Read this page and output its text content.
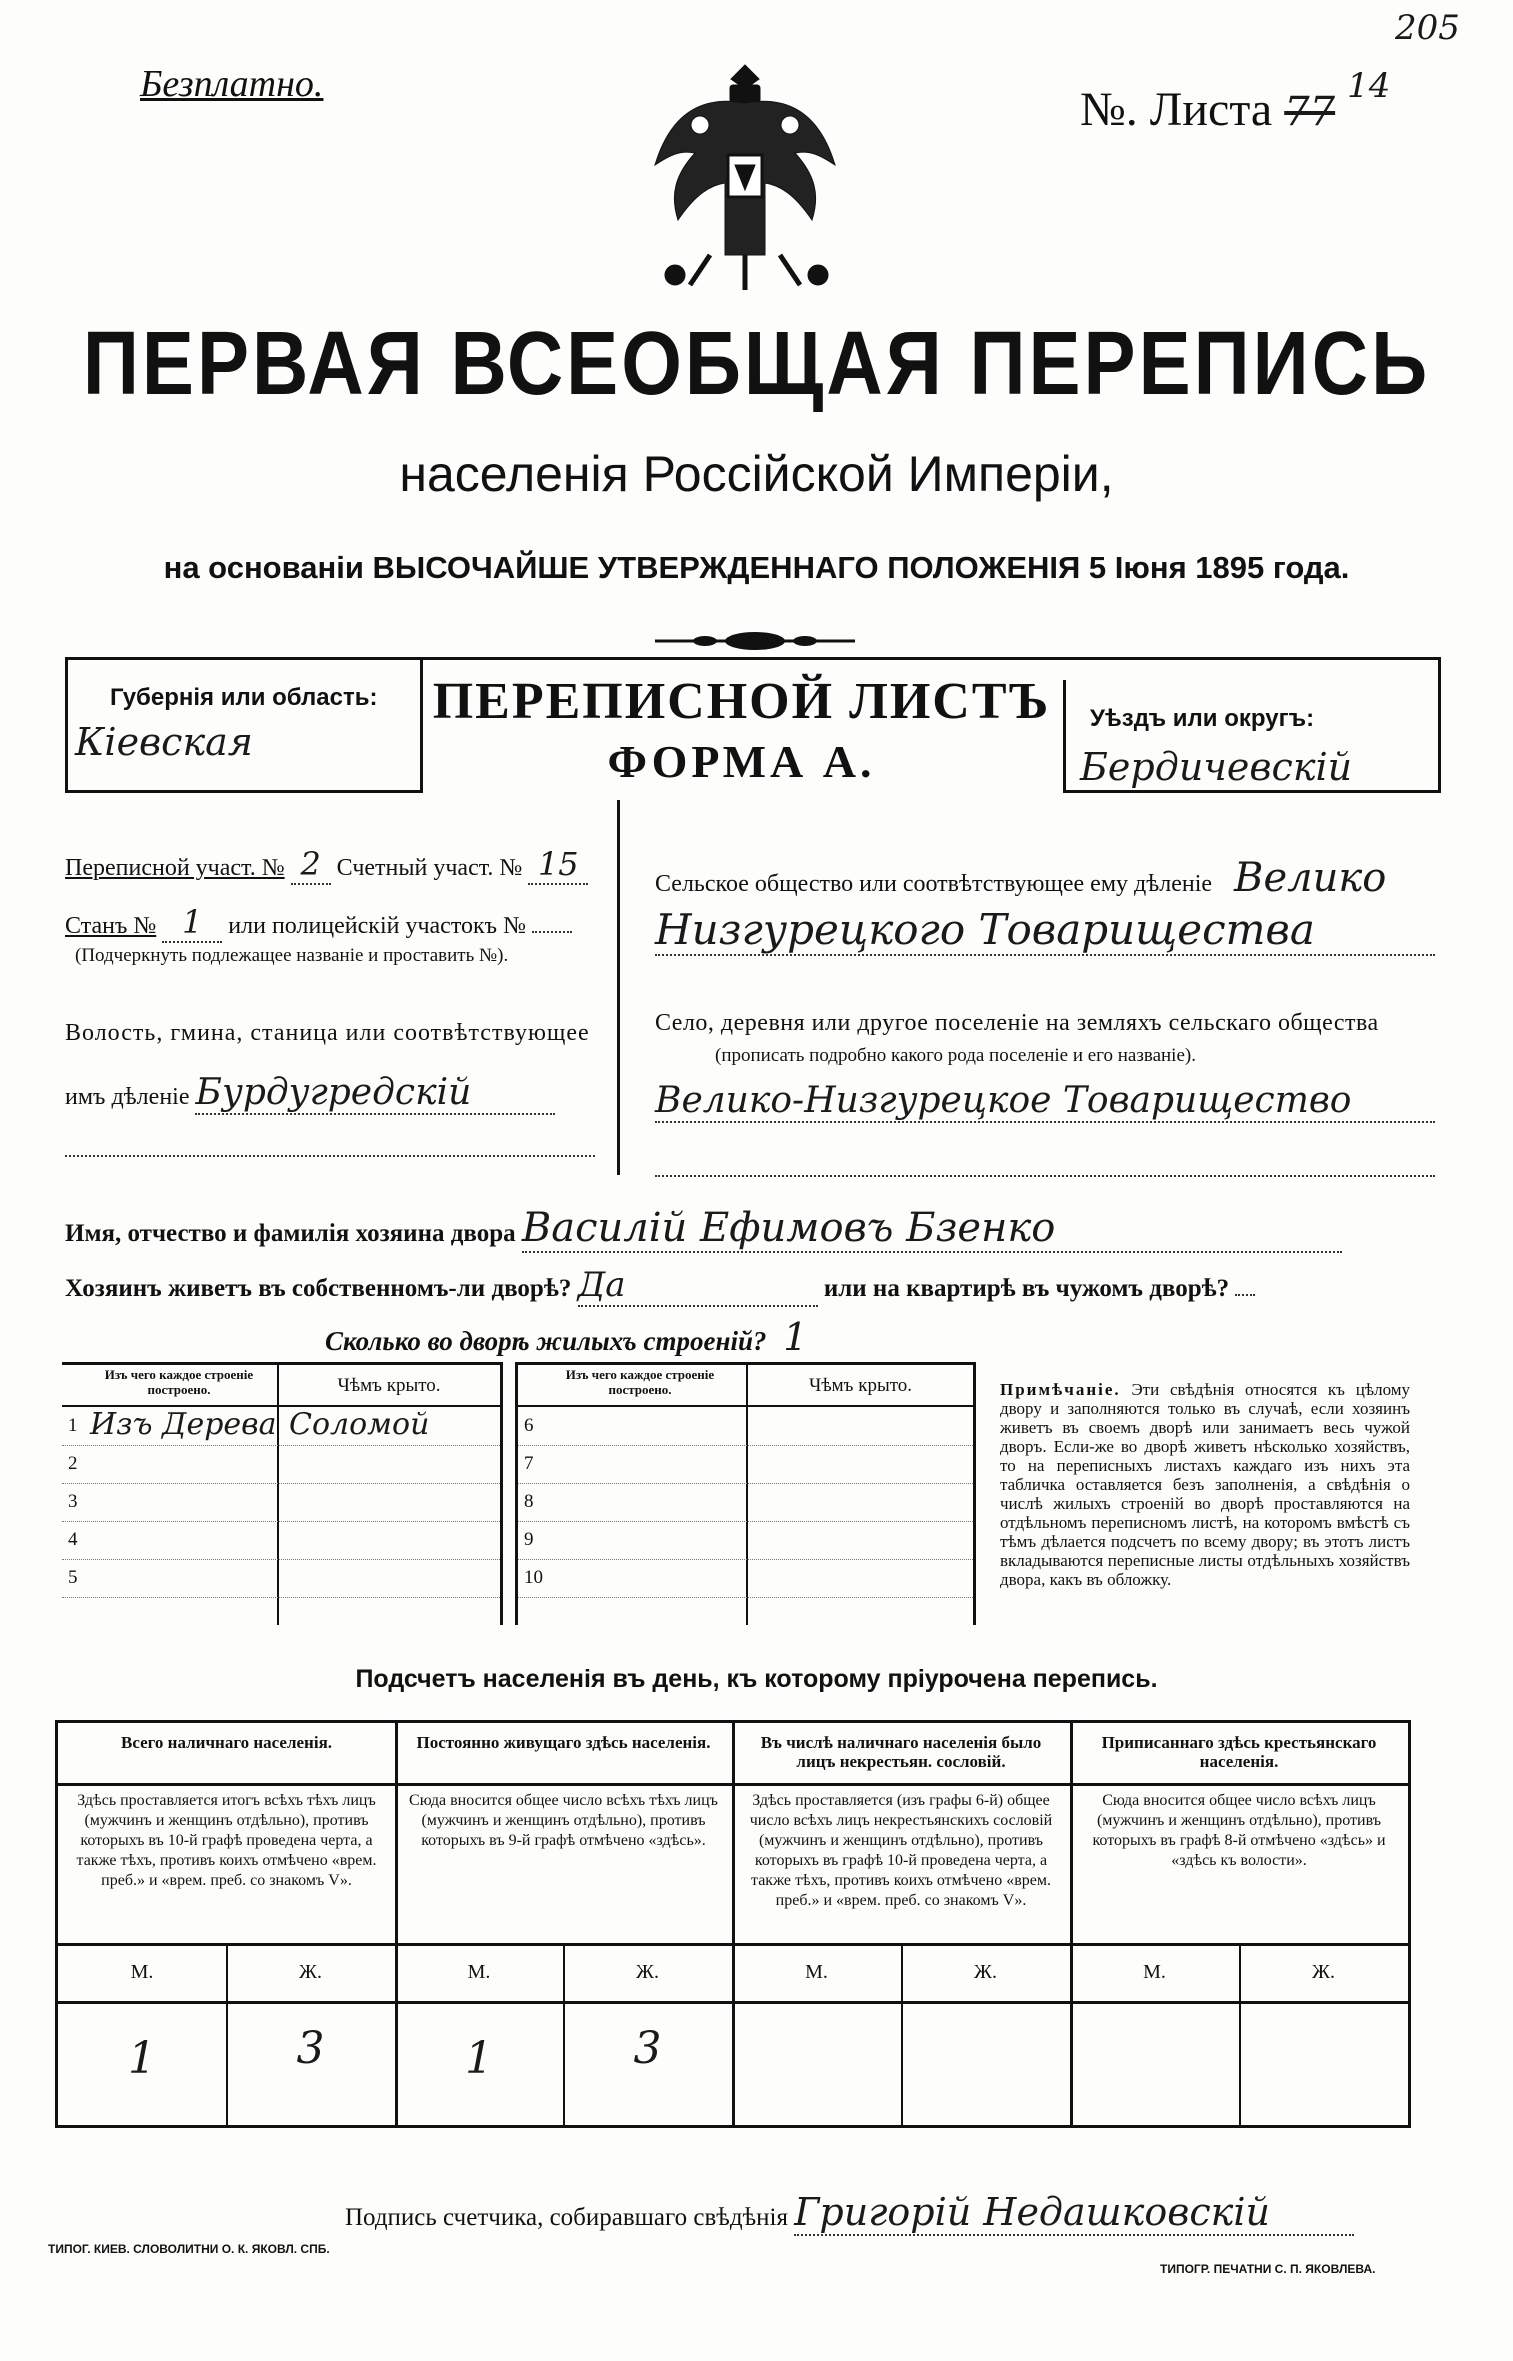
205
Безплатно.	№. Листа 77 $^{14}$
ПЕРВАЯ ВСЕОБЩАЯ ПЕРЕПИСЬ
населенія Россійской Имперіи,
на основаніи ВЫСОЧАЙШЕ УТВЕРЖДЕННАГО ПОЛОЖЕНІЯ 5 Іюня 1895 года.
Губернія или область:
Кіевская
ПЕРЕПИСНОЙ ЛИСТЪ
ФОРМА А.
Уѣздъ или округъ:
Бердичевскій
Переписной участ. № 2 Счетный участ. № 15
Станъ № 1 или полицейскій участокъ №
(Подчеркнуть подлежащее названіе и проставить №).
Волость, гмина, станица или соотвѣтствующее
имъ дѣленіе Бурдугредскій
Сельское общество или соотвѣтствующее ему дѣленіе Велико
Низгурецкого Товарищества
Село, деревня или другое поселеніе на земляхъ сельскаго общества
(прописать подробно какого рода поселеніе и его названіе).
Велико-Низгурецкое Товарищество
Имя, отчество и фамилія хозяина двора Василій Ефимовъ Бзенко
Хозяинъ живетъ въ собственномъ-ли дворѣ? Да	или на квартирѣ въ чужомъ дворѣ?
Сколько во дворѣ жилыхъ строеній? 1
Изъ чего каждое строеніе построено.	Чѣмъ крыто.
1 Изъ Дерева Соломой
2
3
4
5
Изъ чего каждое строеніе построено.	Чѣмъ крыто.
6
7
8
9
10
Примѣчаніе. Эти свѣдѣнія относятся къ цѣлому двору и заполняются только въ случаѣ, если хозяинъ живетъ въ своемъ дворѣ или занимаетъ весь чужой дворъ. Если-же во дворѣ живетъ нѣсколько хозяйствъ, то на переписныхъ листахъ каждаго изъ нихъ эта табличка оставляется безъ заполненія, а свѣдѣнія о числѣ жилыхъ строеній во дворѣ проставляются на отдѣльномъ переписномъ листѣ, на которомъ вмѣстѣ съ тѣмъ дѣлается подсчетъ по всему двору; въ этотъ листъ вкладываются переписные листы отдѣльныхъ хозяйствъ двора, какъ въ обложку.
Подсчетъ населенія въ день, къ которому пріурочена перепись.
Всего наличнаго населенія.
Здѣсь проставляется итогъ всѣхъ тѣхъ лицъ (мужчинъ и женщинъ отдѣльно), противъ которыхъ въ 10-й графѣ проведена черта, а также тѣхъ, противъ коихъ отмѣчено «врем. преб.» и «врем. преб. со знакомъ V».
М.	Ж.
1	3
Постоянно живущаго здѣсь населенія.
Сюда вносится общее число всѣхъ тѣхъ лицъ (мужчинъ и женщинъ отдѣльно), противъ которыхъ въ 9-й графѣ отмѣчено «здѣсь».
М.	Ж.
1	3
Въ числѣ наличнаго населенія было лицъ некрестьян. сословій.
Здѣсь проставляется (изъ графы 6-й) общее число всѣхъ лицъ некрестьянскихъ сословій (мужчинъ и женщинъ отдѣльно), противъ которыхъ въ графѣ 10-й проведена черта, а также тѣхъ, противъ коихъ отмѣчено «врем. преб.» и «врем. преб. со знакомъ V».
М.	Ж.
Приписаннаго здѣсь крестьянскаго населенія.
Сюда вносится общее число всѣхъ лицъ (мужчинъ и женщинъ отдѣльно), противъ которыхъ въ графѣ 8-й отмѣчено «здѣсь» и «здѣсь къ волости».
М.	Ж.
Подпись счетчика, собиравшаго свѣдѣнія Григорій Недашковскій
ТИПОГ. КИЕВ. СЛОВОЛИТНИ О. К. ЯКОВЛ. СПБ.
ТИПОГР. ПЕЧАТНИ С. П. ЯКОВЛЕВА.
